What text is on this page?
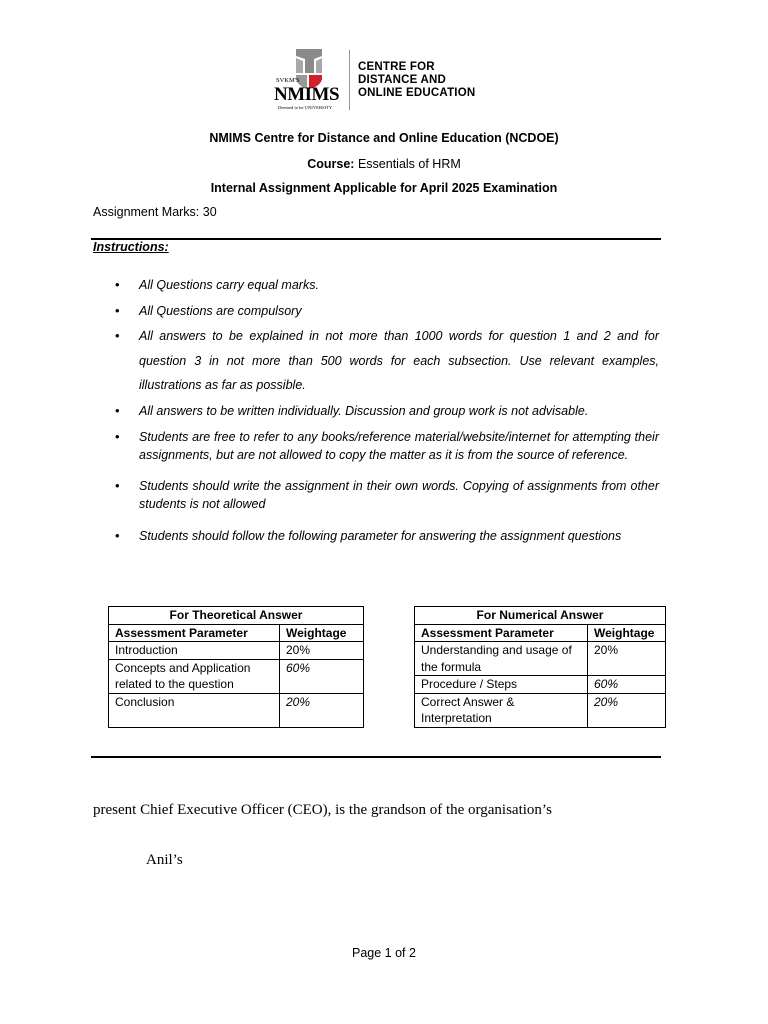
SVKM'S
NMIMS
Deemed to be UNIVERSITY
CENTRE FOR
DISTANCE AND
ONLINE EDUCATION
NMIMS Centre for Distance and Online Education (NCDOE)
Course: Essentials of HRM
Internal Assignment Applicable for April 2025 Examination
Assignment Marks: 30
Instructions:
• All Questions carry equal marks.
• All Questions are compulsory
• All answers to be explained in not more than 1000 words for question 1 and 2 and for question 3 in not more than 500 words for each subsection. Use relevant examples, illustrations as far as possible.
• All answers to be written individually. Discussion and group work is not advisable.
• Students are free to refer to any books/reference material/website/internet for attempting their assignments, but are not allowed to copy the matter as it is from the source of reference.
• Students should write the assignment in their own words. Copying of assignments from other students is not allowed
• Students should follow the following parameter for answering the assignment questions
For Theoretical Answer	
Assessment Parameter	Weightage
Introduction	20%
Concepts and Application related to the question	60%
Conclusion	20%
For Numerical Answer	
Assessment Parameter	Weightage
Understanding and usage of the formula	20%
Procedure / Steps	60%
Correct Answer & Interpretation	20%
present Chief Executive Officer (CEO), is the grandson of the organisation’s
Anil’s
Page 1 of 2
